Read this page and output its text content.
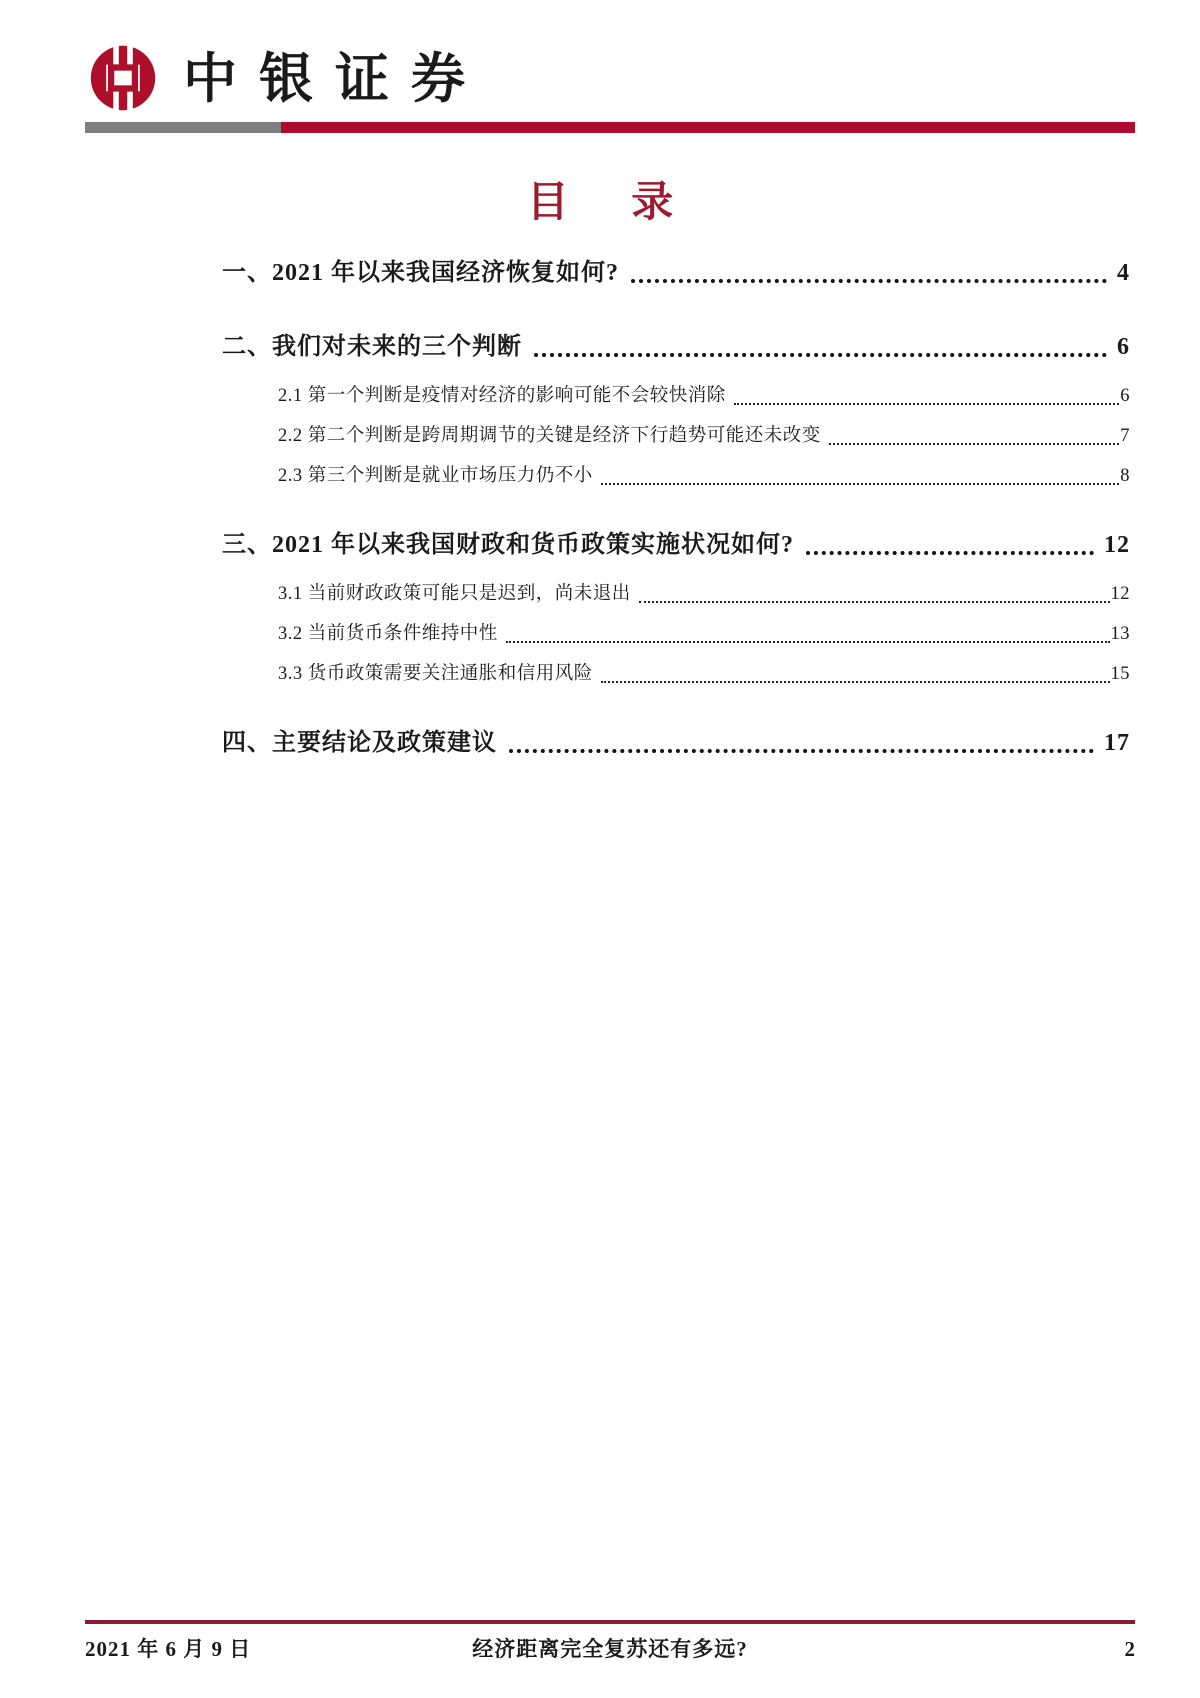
中银证券
目 录
一、2021 年以来我国经济恢复如何?	4
二、我们对未来的三个判断	6
2.1 第一个判断是疫情对经济的影响可能不会较快消除	6
2.2 第二个判断是跨周期调节的关键是经济下行趋势可能还未改变	7
2.3 第三个判断是就业市场压力仍不小	8
三、2021 年以来我国财政和货币政策实施状况如何?	12
3.1 当前财政政策可能只是迟到，尚未退出	12
3.2 当前货币条件维持中性	13
3.3 货币政策需要关注通胀和信用风险	15
四、主要结论及政策建议	17
2021 年 6 月 9 日	经济距离完全复苏还有多远?	2
